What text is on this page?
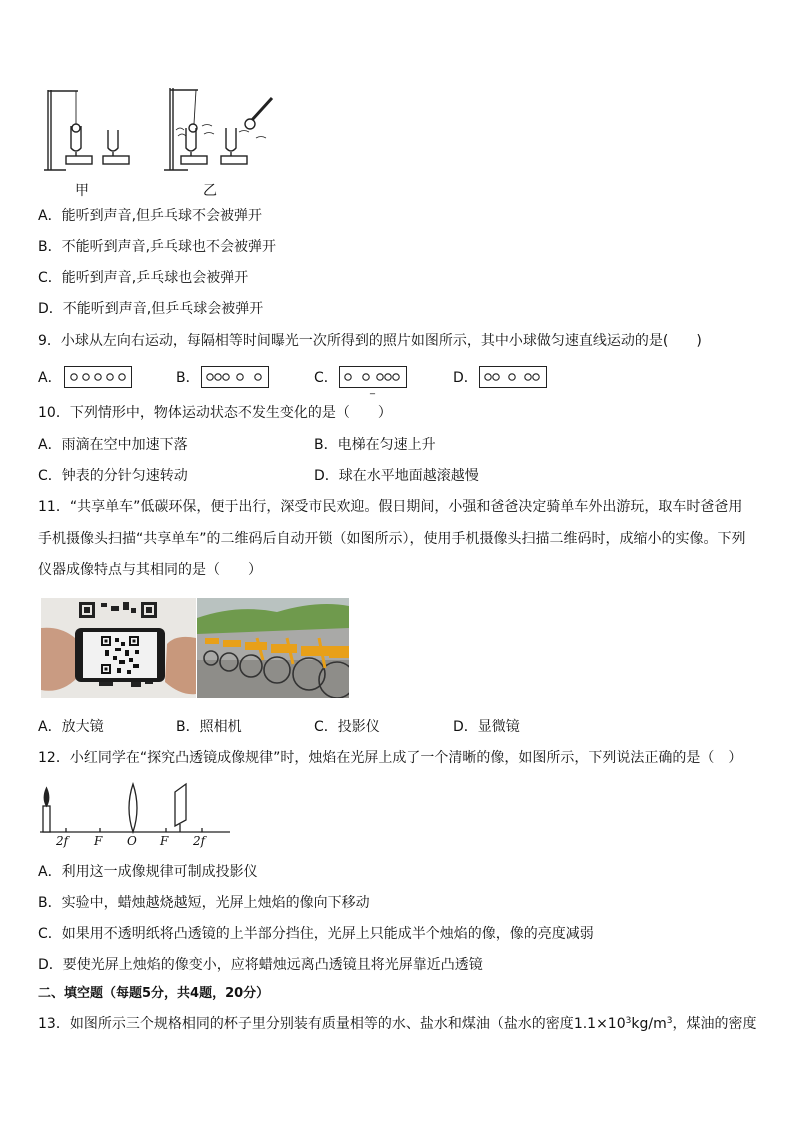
甲	乙
A．能听到声音,但乒乓球不会被弹开
B．不能听到声音,乒乓球也不会被弹开
C．能听到声音,乒乓球也会被弹开
D．不能听到声音,但乒乓球会被弹开
9．小球从左向右运动，每隔相等时间曝光一次所得到的照片如图所示，其中小球做匀速直线运动的是(　　)
A．	B．	C．
_
D．
10．下列情形中，物体运动状态不发生变化的是（　　）
A．雨滴在空中加速下落	B．电梯在匀速上升
C．钟表的分针匀速转动	D．球在水平地面越滚越慢
11．“共享单车”低碳环保，便于出行，深受市民欢迎。假日期间，小强和爸爸决定骑单车外出游玩，取车时爸爸用
手机摄像头扫描“共享单车”的二维码后自动开锁（如图所示），使用手机摄像头扫描二维码时，成缩小的实像。下列
仪器成像特点与其相同的是（　　）
A．放大镜	B．照相机	C．投影仪	D．显微镜
12．小红同学在“探究凸透镜成像规律”时，烛焰在光屏上成了一个清晰的像，如图所示，下列说法正确的是（　）
2f F O F 2f
A．利用这一成像规律可制成投影仪
B．实验中，蜡烛越烧越短，光屏上烛焰的像向下移动
C．如果用不透明纸将凸透镜的上半部分挡住，光屏上只能成半个烛焰的像，像的亮度减弱
D．要使光屏上烛焰的像变小，应将蜡烛远离凸透镜且将光屏靠近凸透镜
二、填空题（每题5分，共4题，20分）
13．如图所示三个规格相同的杯子里分别装有质量相等的水、盐水和煤油（盐水的密度$1.1\times 10^3kg/m^3$，煤油的密度
